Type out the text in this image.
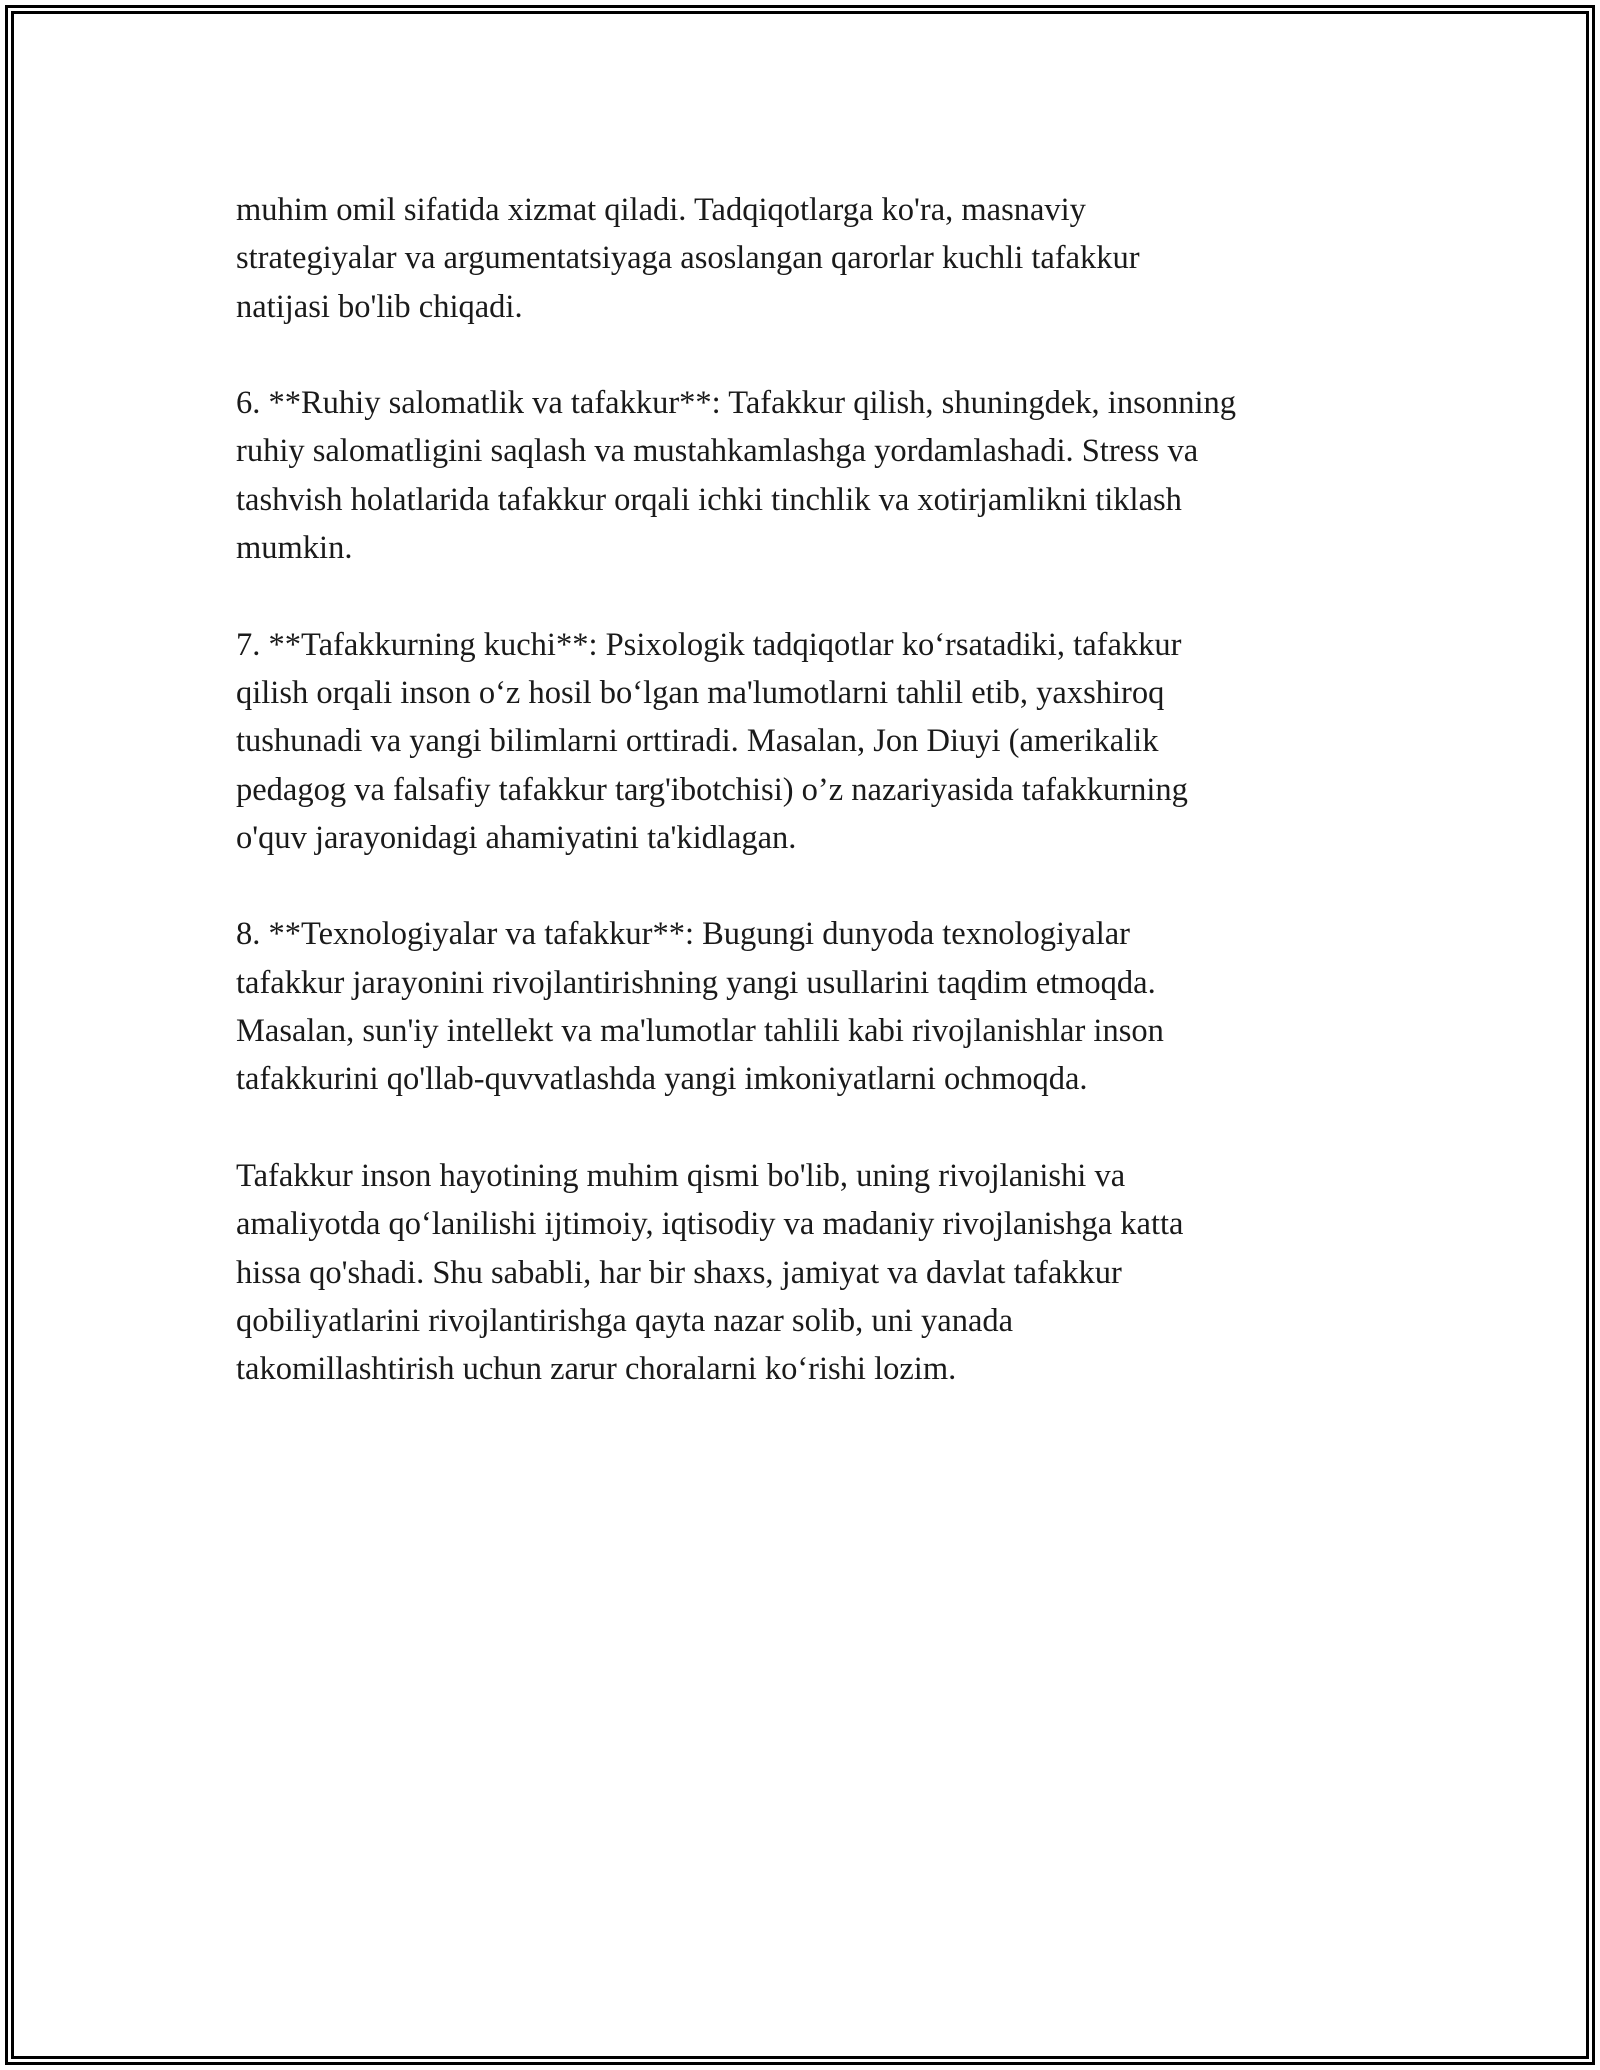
muhim omil sifatida xizmat qiladi. Tadqiqotlarga ko'ra, masnaviy
strategiyalar va argumentatsiyaga asoslangan qarorlar kuchli tafakkur
natijasi bo'lib chiqadi.

6. **Ruhiy salomatlik va tafakkur**: Tafakkur qilish, shuningdek, insonning
ruhiy salomatligini saqlash va mustahkamlashga yordamlashadi. Stress va
tashvish holatlarida tafakkur orqali ichki tinchlik va xotirjamlikni tiklash
mumkin.

7. **Tafakkurning kuchi**: Psixologik tadqiqotlar koʻrsatadiki, tafakkur
qilish orqali inson oʻz hosil boʻlgan ma'lumotlarni tahlil etib, yaxshiroq
tushunadi va yangi bilimlarni orttiradi. Masalan, Jon Diuyi (amerikalik
pedagog va falsafiy tafakkur targ'ibotchisi) o’z nazariyasida tafakkurning
o'quv jarayonidagi ahamiyatini ta'kidlagan.

8. **Texnologiyalar va tafakkur**: Bugungi dunyoda texnologiyalar
tafakkur jarayonini rivojlantirishning yangi usullarini taqdim etmoqda.
Masalan, sun'iy intellekt va ma'lumotlar tahlili kabi rivojlanishlar inson
tafakkurini qo'llab-quvvatlashda yangi imkoniyatlarni ochmoqda.

Tafakkur inson hayotining muhim qismi bo'lib, uning rivojlanishi va
amaliyotda qoʻlanilishi ijtimoiy, iqtisodiy va madaniy rivojlanishga katta
hissa qo'shadi. Shu sababli, har bir shaxs, jamiyat va davlat tafakkur
qobiliyatlarini rivojlantirishga qayta nazar solib, uni yanada
takomillashtirish uchun zarur choralarni koʻrishi lozim.
